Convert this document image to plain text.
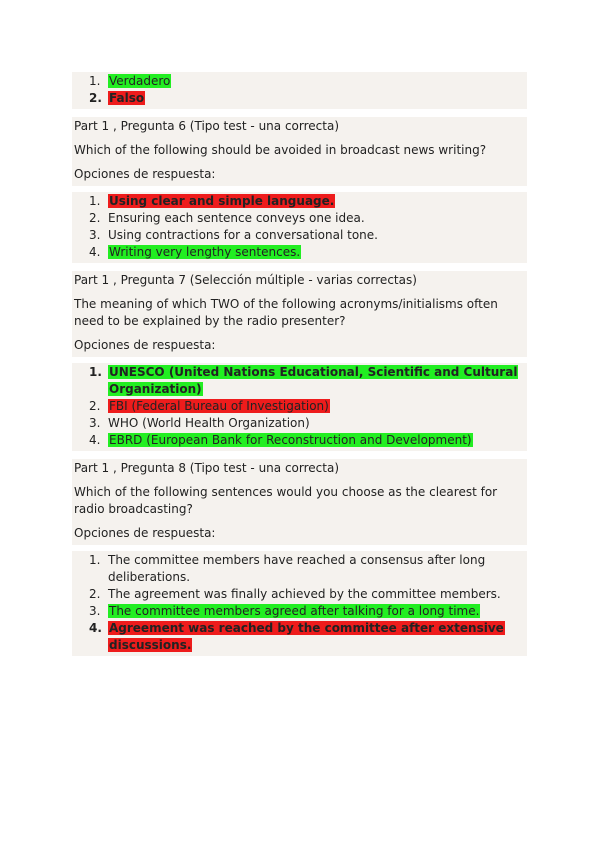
1. Verdadero
2. Falso

Part 1 , Pregunta 6 (Tipo test - una correcta)

Which of the following should be avoided in broadcast news writing?

Opciones de respuesta:

1. Using clear and simple language.
2. Ensuring each sentence conveys one idea.
3. Using contractions for a conversational tone.
4. Writing very lengthy sentences.

Part 1 , Pregunta 7 (Selección múltiple - varias correctas)

The meaning of which TWO of the following acronyms/initialisms often need to be explained by the radio presenter?

Opciones de respuesta:

1. UNESCO (United Nations Educational, Scientific and Cultural Organization)
2. FBI (Federal Bureau of Investigation)
3. WHO (World Health Organization)
4. EBRD (European Bank for Reconstruction and Development)

Part 1 , Pregunta 8 (Tipo test - una correcta)

Which of the following sentences would you choose as the clearest for radio broadcasting?

Opciones de respuesta:

1. The committee members have reached a consensus after long deliberations.
2. The agreement was finally achieved by the committee members.
3. The committee members agreed after talking for a long time.
4. Agreement was reached by the committee after extensive discussions.
